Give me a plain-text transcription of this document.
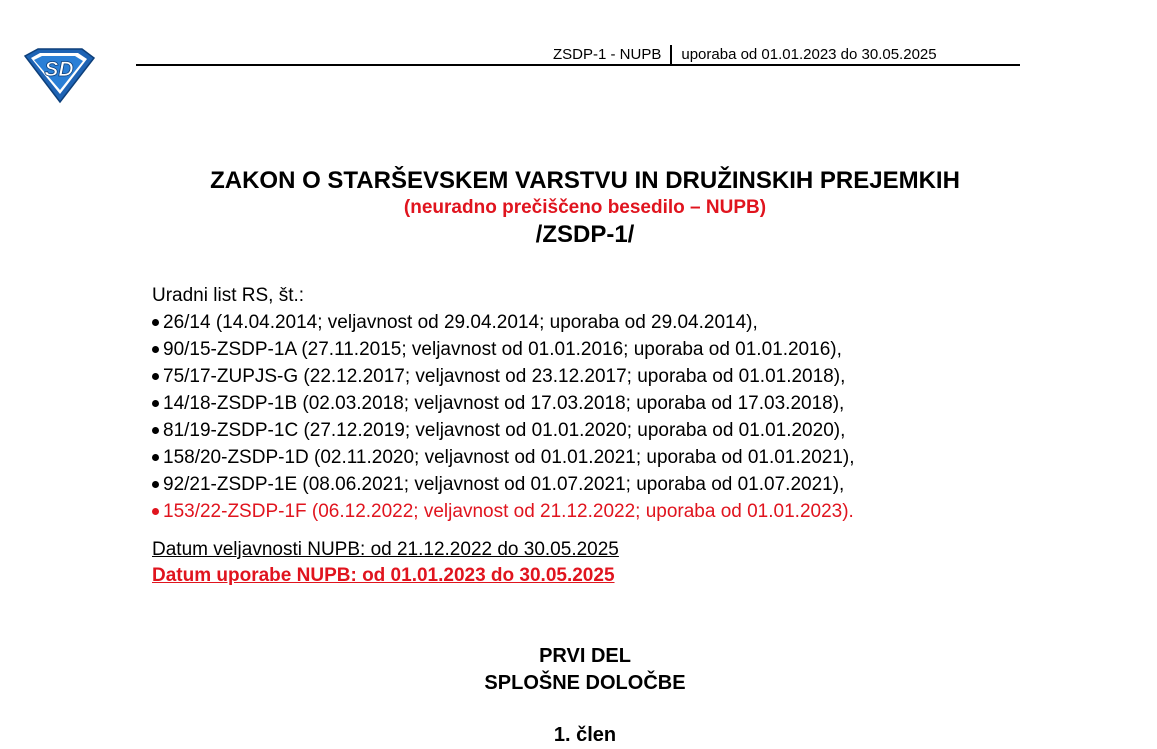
SD
ZSDP-1 - NUPB uporaba od 01.01.2023 do 30.05.2025
ZAKON O STARŠEVSKEM VARSTVU IN DRUŽINSKIH PREJEMKIH
(neuradno prečiščeno besedilo – NUPB)
/ZSDP-1/
Uradni list RS, št.:
26/14 (14.04.2014; veljavnost od 29.04.2014; uporaba od 29.04.2014),
90/15-ZSDP-1A (27.11.2015; veljavnost od 01.01.2016; uporaba od 01.01.2016),
75/17-ZUPJS-G (22.12.2017; veljavnost od 23.12.2017; uporaba od 01.01.2018),
14/18-ZSDP-1B (02.03.2018; veljavnost od 17.03.2018; uporaba od 17.03.2018),
81/19-ZSDP-1C (27.12.2019; veljavnost od 01.01.2020; uporaba od 01.01.2020),
158/20-ZSDP-1D (02.11.2020; veljavnost od 01.01.2021; uporaba od 01.01.2021),
92/21-ZSDP-1E (08.06.2021; veljavnost od 01.07.2021; uporaba od 01.07.2021),
153/22-ZSDP-1F (06.12.2022; veljavnost od 21.12.2022; uporaba od 01.01.2023).
Datum veljavnosti NUPB: od 21.12.2022 do 30.05.2025
Datum uporabe NUPB: od 01.01.2023 do 30.05.2025
PRVI DEL
SPLOŠNE DOLOČBE
1. člen
